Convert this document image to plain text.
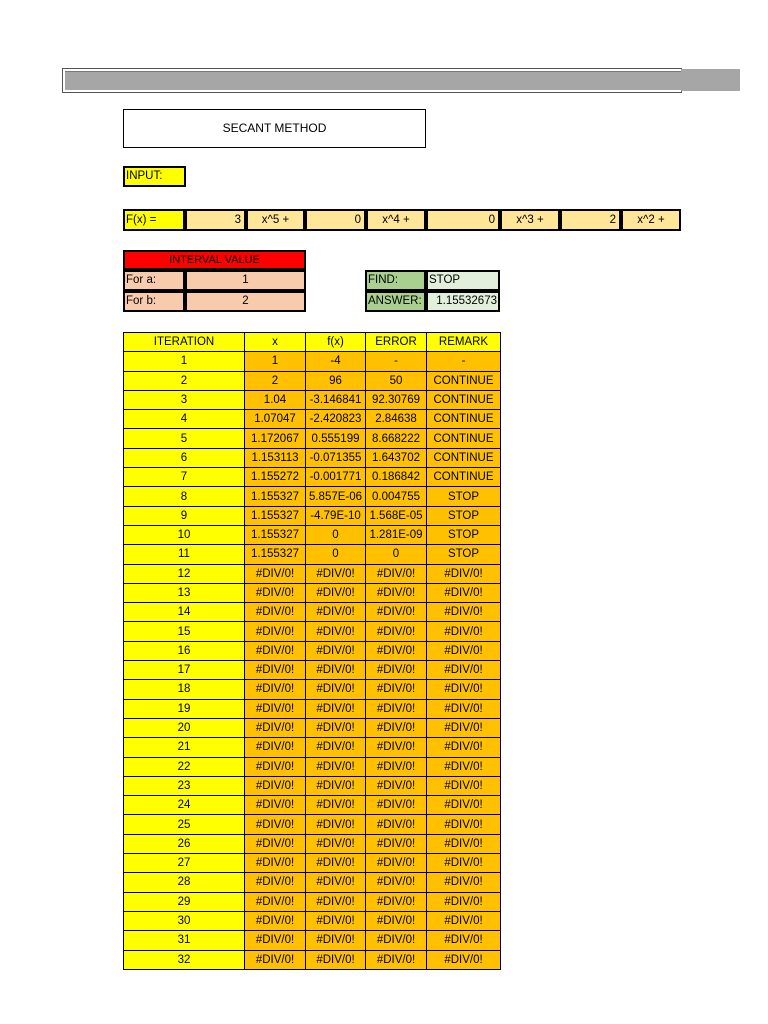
SECANT METHOD
INPUT:
F(x) =	3	x^5 +	0	x^4 +	0	x^3 +	2	x^2 +
INTERVAL VALUE
For a:	1
For b:	2
FIND:	STOP
ANSWER:	1.15532673
ITERATION	x	f(x)	ERROR	REMARK
1	1	-4	-	-
2	2	96	50	CONTINUE
3	1.04	-3.146841	92.30769	CONTINUE
4	1.07047	-2.420823	2.84638	CONTINUE
5	1.172067	0.555199	8.668222	CONTINUE
6	1.153113	-0.071355	1.643702	CONTINUE
7	1.155272	-0.001771	0.186842	CONTINUE
8	1.155327	5.857E-06	0.004755	STOP
9	1.155327	-4.79E-10	1.568E-05	STOP
10	1.155327	0	1.281E-09	STOP
11	1.155327	0	0	STOP
12	#DIV/0!	#DIV/0!	#DIV/0!	#DIV/0!
13	#DIV/0!	#DIV/0!	#DIV/0!	#DIV/0!
14	#DIV/0!	#DIV/0!	#DIV/0!	#DIV/0!
15	#DIV/0!	#DIV/0!	#DIV/0!	#DIV/0!
16	#DIV/0!	#DIV/0!	#DIV/0!	#DIV/0!
17	#DIV/0!	#DIV/0!	#DIV/0!	#DIV/0!
18	#DIV/0!	#DIV/0!	#DIV/0!	#DIV/0!
19	#DIV/0!	#DIV/0!	#DIV/0!	#DIV/0!
20	#DIV/0!	#DIV/0!	#DIV/0!	#DIV/0!
21	#DIV/0!	#DIV/0!	#DIV/0!	#DIV/0!
22	#DIV/0!	#DIV/0!	#DIV/0!	#DIV/0!
23	#DIV/0!	#DIV/0!	#DIV/0!	#DIV/0!
24	#DIV/0!	#DIV/0!	#DIV/0!	#DIV/0!
25	#DIV/0!	#DIV/0!	#DIV/0!	#DIV/0!
26	#DIV/0!	#DIV/0!	#DIV/0!	#DIV/0!
27	#DIV/0!	#DIV/0!	#DIV/0!	#DIV/0!
28	#DIV/0!	#DIV/0!	#DIV/0!	#DIV/0!
29	#DIV/0!	#DIV/0!	#DIV/0!	#DIV/0!
30	#DIV/0!	#DIV/0!	#DIV/0!	#DIV/0!
31	#DIV/0!	#DIV/0!	#DIV/0!	#DIV/0!
32	#DIV/0!	#DIV/0!	#DIV/0!	#DIV/0!
